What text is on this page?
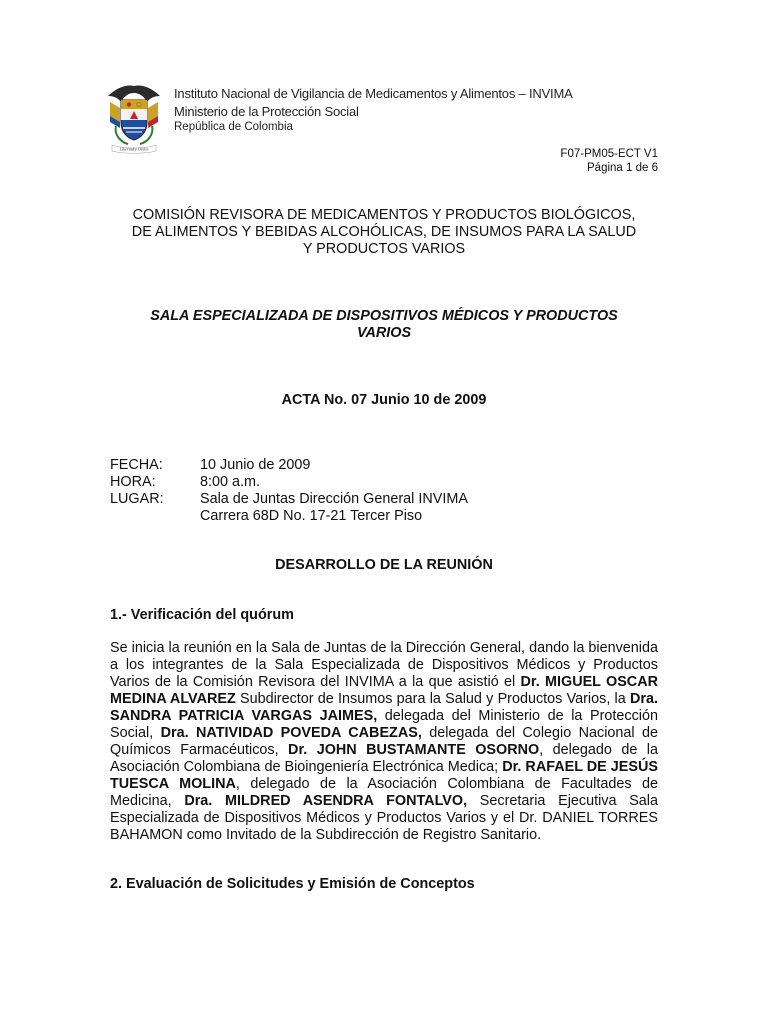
Libertad y Orden
Instituto Nacional de Vigilancia de Medicamentos y Alimentos – INVIMA
Ministerio de la Protección Social
República de Colombia
F07-PM05-ECT V1
Página 1 de 6
COMISIÓN REVISORA DE MEDICAMENTOS Y PRODUCTOS BIOLÓGICOS,
DE ALIMENTOS Y BEBIDAS ALCOHÓLICAS, DE INSUMOS PARA LA SALUD
Y PRODUCTOS VARIOS
SALA ESPECIALIZADA DE DISPOSITIVOS MÉDICOS Y PRODUCTOS
VARIOS
ACTA No. 07 Junio 10 de 2009
FECHA:	10 Junio de 2009
HORA:	8:00 a.m.
LUGAR:	Sala de Juntas Dirección General INVIMA
Carrera 68D No. 17-21 Tercer Piso
DESARROLLO DE LA REUNIÓN
1.- Verificación del quórum
Se inicia la reunión en la Sala de Juntas de la Dirección General, dando la bienvenida a los integrantes de la Sala Especializada de Dispositivos Médicos y Productos Varios de la Comisión Revisora del INVIMA a la que asistió el Dr. MIGUEL OSCAR MEDINA ALVAREZ Subdirector de Insumos para la Salud y Productos Varios, la Dra. SANDRA PATRICIA VARGAS JAIMES, delegada del Ministerio de la Protección Social, Dra. NATIVIDAD POVEDA CABEZAS, delegada del Colegio Nacional de Químicos Farmacéuticos, Dr. JOHN BUSTAMANTE OSORNO, delegado de la Asociación Colombiana de Bioingeniería Electrónica Medica; Dr. RAFAEL DE JESÚS TUESCA MOLINA, delegado de la Asociación Colombiana de Facultades de Medicina, Dra. MILDRED ASENDRA FONTALVO, Secretaria Ejecutiva Sala Especializada de Dispositivos Médicos y Productos Varios y el Dr. DANIEL TORRES BAHAMON como Invitado de la Subdirección de Registro Sanitario.
2. Evaluación de Solicitudes y Emisión de Conceptos
